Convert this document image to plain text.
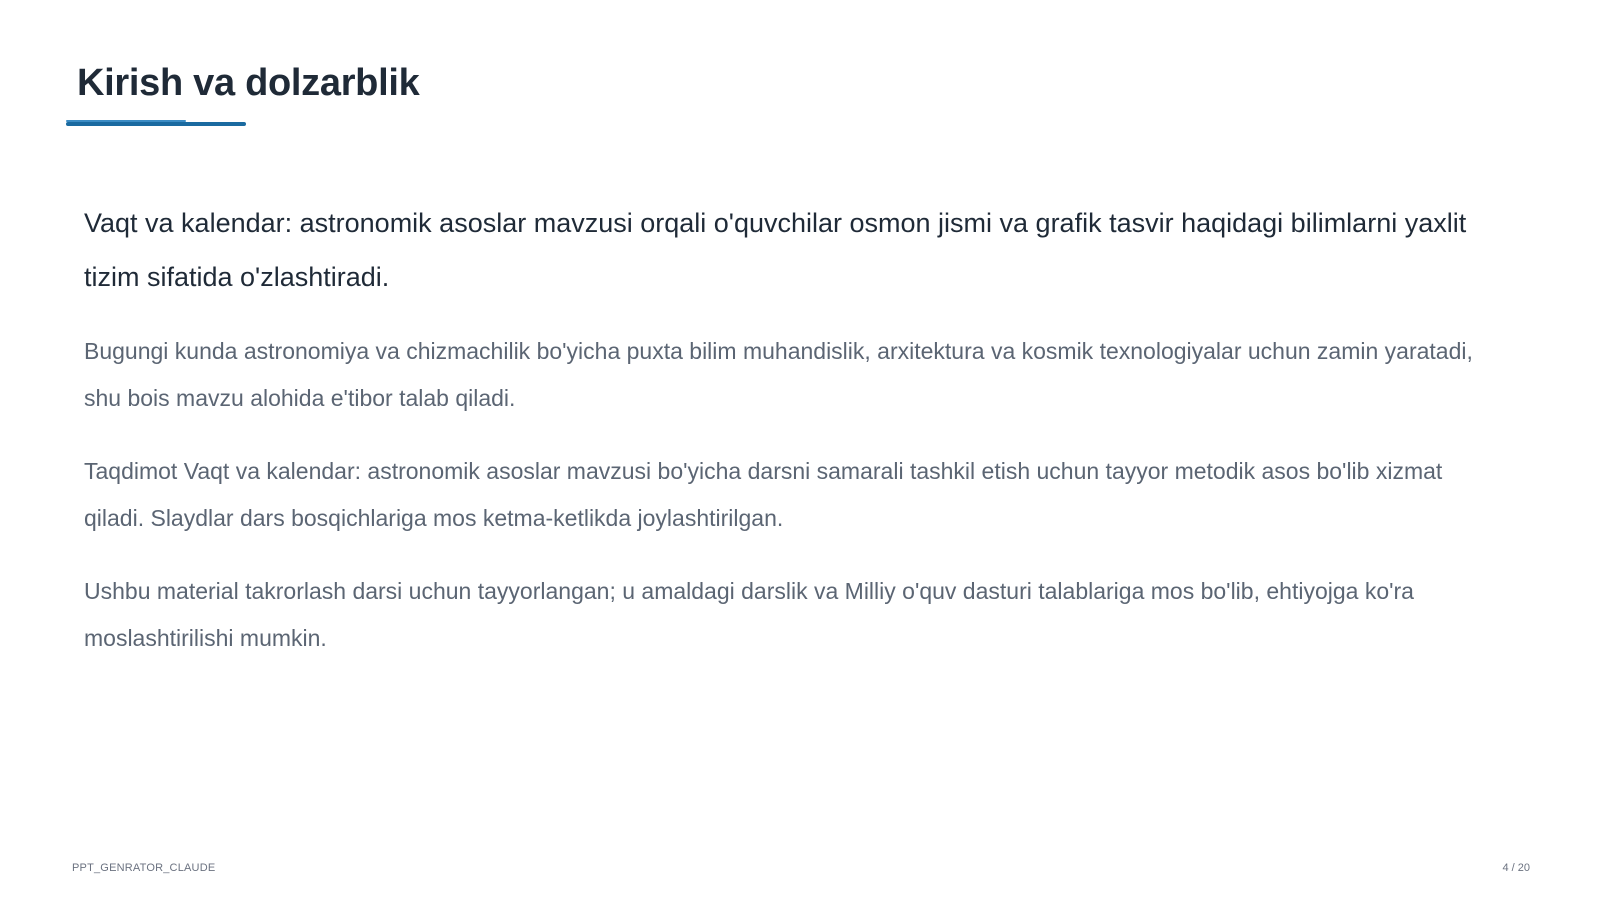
Kirish va dolzarblik

Vaqt va kalendar: astronomik asoslar mavzusi orqali o'quvchilar osmon jismi va grafik tasvir haqidagi bilimlarni yaxlit tizim sifatida o'zlashtiradi.

Bugungi kunda astronomiya va chizmachilik bo'yicha puxta bilim muhandislik, arxitektura va kosmik texnologiyalar uchun zamin yaratadi, shu bois mavzu alohida e'tibor talab qiladi.

Taqdimot Vaqt va kalendar: astronomik asoslar mavzusi bo'yicha darsni samarali tashkil etish uchun tayyor metodik asos bo'lib xizmat qiladi. Slaydlar dars bosqichlariga mos ketma-ketlikda joylashtirilgan.

Ushbu material takrorlash darsi uchun tayyorlangan; u amaldagi darslik va Milliy o'quv dasturi talablariga mos bo'lib, ehtiyojga ko'ra moslashtirilishi mumkin.

PPT_GENRATOR_CLAUDE	4 / 20
